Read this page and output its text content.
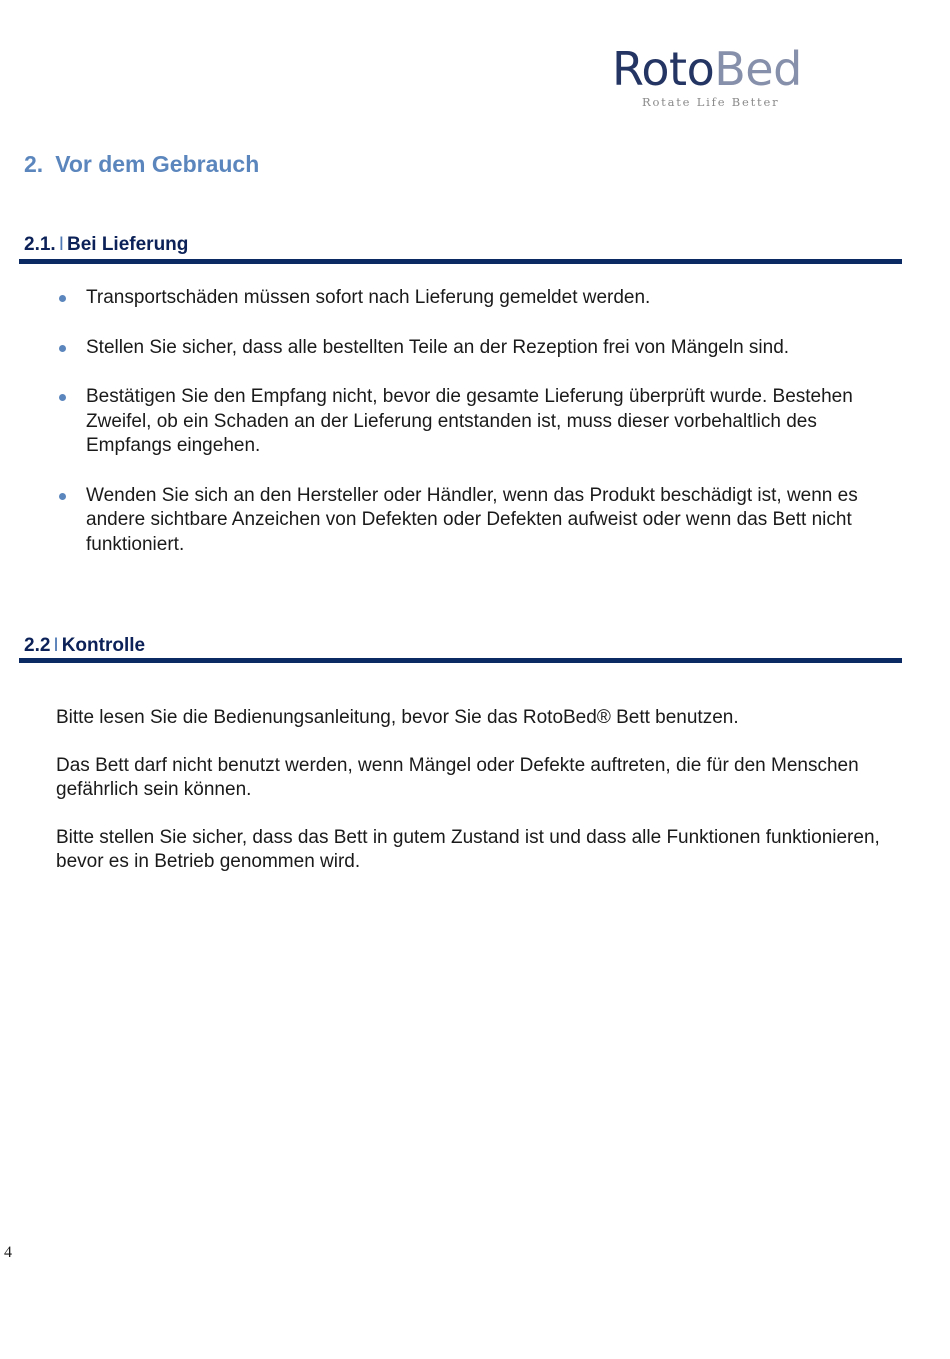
RotoBed
Rotate Life Better
2. Vor dem Gebrauch
2.1. I Bei Lieferung
Transportschäden müssen sofort nach Lieferung gemeldet werden.
Stellen Sie sicher, dass alle bestellten Teile an der Rezeption frei von Mängeln sind.
Bestätigen Sie den Empfang nicht, bevor die gesamte Lieferung überprüft wurde. Bestehen Zweifel, ob ein Schaden an der Lieferung entstanden ist, muss dieser vorbehaltlich des Empfangs eingehen.
Wenden Sie sich an den Hersteller oder Händler, wenn das Produkt beschädigt ist, wenn es andere sichtbare Anzeichen von Defekten oder Defekten aufweist oder wenn das Bett nicht funktioniert.
2.2 I Kontrolle

Bitte lesen Sie die Bedienungsanleitung, bevor Sie das RotoBed® Bett benutzen.

Das Bett darf nicht benutzt werden, wenn Mängel oder Defekte auftreten, die für den Menschen gefährlich sein können.

Bitte stellen Sie sicher, dass das Bett in gutem Zustand ist und dass alle Funktionen funktionieren, bevor es in Betrieb genommen wird.

4
